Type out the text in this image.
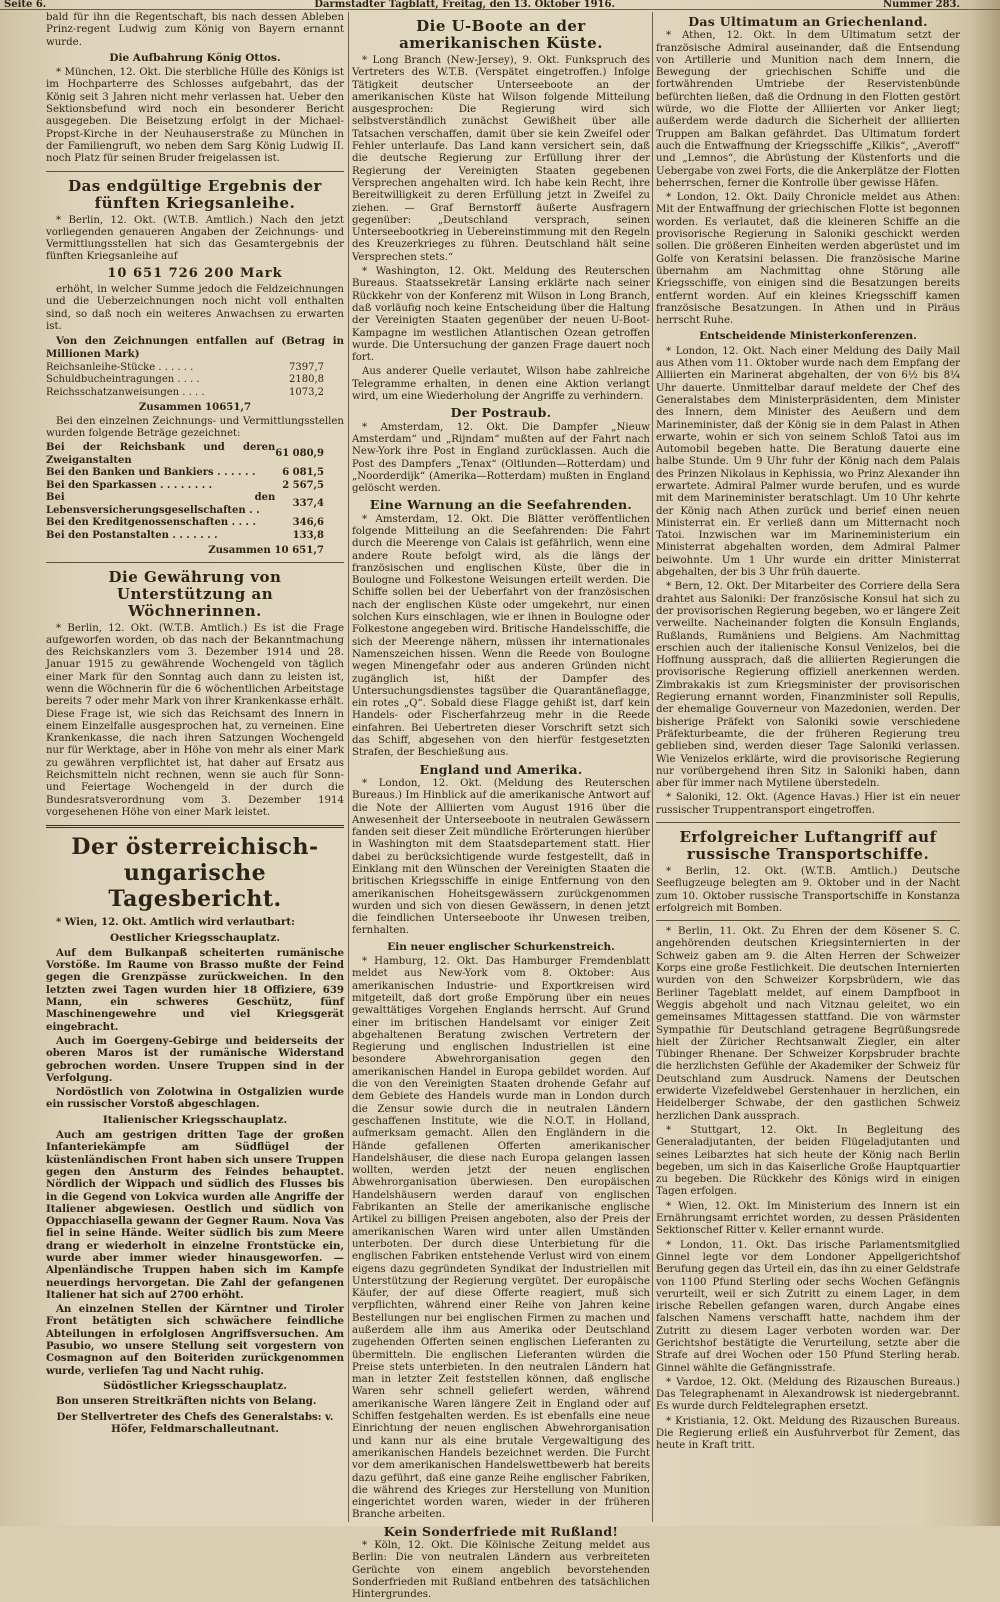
Seite 6.	Darmstädter Tagblatt, Freitag, den 13. Oktober 1916.	Nummer 283.

bald für ihn die Regentschaft, bis nach dessen Ableben Prinz-regent Ludwig zum König von Bayern ernannt wurde.

Die Aufbahrung König Ottos.

* München, 12. Okt. Die sterbliche Hülle des Königs ist im Hochparterre des Schlosses aufgebahrt, das der König seit 3 Jahren nicht mehr verlassen hat. Ueber den Sektionsbefund wird noch ein besonderer Bericht ausgegeben. Die Beisetzung erfolgt in der Michael-Propst-Kirche in der Neuhauserstraße zu München in der Familiengruft, wo neben dem Sarg König Ludwig II. noch Platz für seinen Bruder freigelassen ist.

Das endgültige Ergebnis der fünften Kriegsanleihe.

* Berlin, 12. Okt. (W.T.B. Amtlich.) Nach den jetzt vorliegenden genaueren Angaben der Zeichnungs- und Vermittlungsstellen hat sich das Gesamtergebnis der fünften Kriegsanleihe auf

10 651 726 200 Mark

erhöht, in welcher Summe jedoch die Feldzeichnungen und die Ueberzeichnungen noch nicht voll enthalten sind, so daß noch ein weiteres Anwachsen zu erwarten ist.

Von den Zeichnungen entfallen auf (Betrag in Millionen Mark)

Reichsanleihe-Stücke . . . . . .	7397,7
Schuldbucheintragungen . . . .	2180,8
Reichsschatzanweisungen . . . .	1073,2
Zusammen 10651,7

Bei den einzelnen Zeichnungs- und Vermittlungsstellen wurden folgende Beträge gezeichnet:

Bei der Reichsbank und deren Zweiganstalten	61 080,9
Bei den Banken und Bankiers . . . . . .	6 081,5
Bei den Sparkassen . . . . . . . .	2 567,5
Bei den Lebensversicherungsgesellschaften . .	337,4
Bei den Kreditgenossenschaften . . . .	346,6
Bei den Postanstalten . . . . . . .	133,8
Zusammen 10 651,7
Die Gewährung von Unterstützung an Wöchnerinnen.

* Berlin, 12. Okt. (W.T.B. Amtlich.) Es ist die Frage aufgeworfen worden, ob das nach der Bekanntmachung des Reichskanzlers vom 3. Dezember 1914 und 28. Januar 1915 zu gewährende Wochengeld von täglich einer Mark für den Sonntag auch dann zu leisten ist, wenn die Wöchnerin für die 6 wöchentlichen Arbeitstage bereits 7 oder mehr Mark von ihrer Krankenkasse erhält. Diese Frage ist, wie sich das Reichsamt des Innern in einem Einzelfalle ausgesprochen hat, zu verneinen. Eine Krankenkasse, die nach ihren Satzungen Wochengeld nur für Werktage, aber in Höhe von mehr als einer Mark zu gewähren verpflichtet ist, hat daher auf Ersatz aus Reichsmitteln nicht rechnen, wenn sie auch für Sonn- und Feiertage Wochengeld in der durch die Bundesratsverordnung vom 3. Dezember 1914 vorgesehenen Höhe von einer Mark leistet.

Der österreichisch-ungarische Tagesbericht.

* Wien, 12. Okt. Amtlich wird verlautbart:

Oestlicher Kriegsschauplatz.

Auf dem Bulkanpaß scheiterten rumänische Vorstöße. Im Raume von Brasso mußte der Feind gegen die Grenzpässe zurückweichen. In den letzten zwei Tagen wurden hier 18 Offiziere, 639 Mann, ein schweres Geschütz, fünf Maschinengewehre und viel Kriegsgerät eingebracht.

Auch im Goergeny-Gebirge und beiderseits der oberen Maros ist der rumänische Widerstand gebrochen worden. Unsere Truppen sind in der Verfolgung.

Nordöstlich von Zolotwina in Ostgalizien wurde ein russischer Vorstoß abgeschlagen.

Italienischer Kriegsschauplatz.

Auch am gestrigen dritten Tage der großen Infanteriekämpfe am Südflügel der küstenländischen Front haben sich unsere Truppen gegen den Ansturm des Feindes behauptet. Nördlich der Wippach und südlich des Flusses bis in die Gegend von Lokvica wurden alle Angriffe der Italiener abgewiesen. Oestlich und südlich von Oppacchiasella gewann der Gegner Raum. Nova Vas fiel in seine Hände. Weiter südlich bis zum Meere drang er wiederholt in einzelne Frontstücke ein, wurde aber immer wieder hinausgeworfen. — Alpenländische Truppen haben sich im Kampfe neuerdings hervorgetan. Die Zahl der gefangenen Italiener hat sich auf 2700 erhöht.

An einzelnen Stellen der Kärntner und Tiroler Front betätigten sich schwächere feindliche Abteilungen in erfolglosen Angriffsversuchen. Am Pasubio, wo unsere Stellung seit vorgestern von Cosmagnon auf den Boiteriden zurückgenommen wurde, verliefen Tag und Nacht ruhig.

Südöstlicher Kriegsschauplatz.

Bon unseren Streitkräften nichts von Belang.

Der Stellvertreter des Chefs des Generalstabs: v. Höfer, Feldmarschalleutnant.
Die U-Boote an der amerikanischen Küste.

* Long Branch (New-Jersey), 9. Okt. Funkspruch des Vertreters des W.T.B. (Verspätet eingetroffen.) Infolge Tätigkeit deutscher Unterseeboote an der amerikanischen Küste hat Wilson folgende Mitteilung ausgesprochen: Die Regierung wird sich selbstverständlich zunächst Gewißheit über alle Tatsachen verschaffen, damit über sie kein Zweifel oder Fehler unterlaufe. Das Land kann versichert sein, daß die deutsche Regierung zur Erfüllung ihrer der Regierung der Vereinigten Staaten gegebenen Versprechen angehalten wird. Ich habe kein Recht, ihre Bereitwilligkeit zu deren Erfüllung jetzt in Zweifel zu ziehen. — Graf Bernstorff äußerte Ausfragern gegenüber: „Deutschland versprach, seinen Unterseebootkrieg in Uebereinstimmung mit den Regeln des Kreuzerkrieges zu führen. Deutschland hält seine Versprechen stets.“

* Washington, 12. Okt. Meldung des Reuterschen Bureaus. Staatssekretär Lansing erklärte nach seiner Rückkehr von der Konferenz mit Wilson in Long Branch, daß vorläufig noch keine Entscheidung über die Haltung der Vereinigten Staaten gegenüber der neuen U-Boot-Kampagne im westlichen Atlantischen Ozean getroffen wurde. Die Untersuchung der ganzen Frage dauert noch fort.

Aus anderer Quelle verlautet, Wilson habe zahlreiche Telegramme erhalten, in denen eine Aktion verlangt wird, um eine Wiederholung der Angriffe zu verhindern.

Der Postraub.

* Amsterdam, 12. Okt. Die Dampfer „Nieuw Amsterdam“ und „Rijndam“ mußten auf der Fahrt nach New-York ihre Post in England zurücklassen. Auch die Post des Dampfers „Tenax“ (Oltlunden—Rotterdam) und „Noorderdijk“ (Amerika—Rotterdam) mußten in England gelöscht werden.

Eine Warnung an die Seefahrenden.

* Amsterdam, 12. Okt. Die Blätter veröffentlichen folgende Mitteilung an die Seefahrenden: Die Fahrt durch die Meerenge von Calais ist gefährlich, wenn eine andere Route befolgt wird, als die längs der französischen und englischen Küste, über die in Boulogne und Folkestone Weisungen erteilt werden. Die Schiffe sollen bei der Ueberfahrt von der französischen nach der englischen Küste oder umgekehrt, nur einen solchen Kurs einschlagen, wie er ihnen in Boulogne oder Folkestone angegeben wird. Britische Handelsschiffe, die sich der Meerenge nähern, müssen ihr internationales Namenszeichen hissen. Wenn die Reede von Boulogne wegen Minengefahr oder aus anderen Gründen nicht zugänglich ist, hißt der Dampfer des Untersuchungsdienstes tagsüber die Quarantäneflagge, ein rotes „Q“. Sobald diese Flagge gehißt ist, darf kein Handels- oder Fischerfahrzeug mehr in die Reede einfahren. Bei Uebertreten dieser Vorschrift setzt sich das Schiff, abgesehen von den hierfür festgesetzten Strafen, der Beschießung aus.

England und Amerika.

* London, 12. Okt. (Meldung des Reuterschen Bureaus.) Im Hinblick auf die amerikanische Antwort auf die Note der Alliierten vom August 1916 über die Anwesenheit der Unterseeboote in neutralen Gewässern fanden seit dieser Zeit mündliche Erörterungen hierüber in Washington mit dem Staatsdepartement statt. Hier dabei zu berücksichtigende wurde festgestellt, daß in Einklang mit den Wünschen der Vereinigten Staaten die britischen Kriegsschiffe in einige Entfernung von den amerikanischen Hoheitsgewässern zurückgenommen wurden und sich von diesen Gewässern, in denen jetzt die feindlichen Unterseeboote ihr Unwesen treiben, fernhalten.

Ein neuer englischer Schurkenstreich.

* Hamburg, 12. Okt. Das Hamburger Fremdenblatt meldet aus New-York vom 8. Oktober: Aus amerikanischen Industrie- und Exportkreisen wird mitgeteilt, daß dort große Empörung über ein neues gewalttätiges Vorgehen Englands herrscht. Auf Grund einer im britischen Handelsamt vor einiger Zeit abgehaltenen Beratung zwischen Vertretern der Regierung und englischen Industriellen ist eine besondere Abwehrorganisation gegen den amerikanischen Handel in Europa gebildet worden. Auf die von den Vereinigten Staaten drohende Gefahr auf dem Gebiete des Handels wurde man in London durch die Zensur sowie durch die in neutralen Ländern geschaffenen Institute, wie die N.O.T. in Holland, aufmerksam gemacht. Allen den Engländern in die Hände gefallenen Offerten amerikanischer Handelshäuser, die diese nach Europa gelangen lassen wollten, werden jetzt der neuen englischen Abwehrorganisation überwiesen. Den europäischen Handelshäusern werden darauf von englischen Fabrikanten an Stelle der amerikanische englische Artikel zu billigen Preisen angeboten, also der Preis der amerikanischen Waren wird unter allen Umständen unterboten. Der durch diese Unterbietung für die englischen Fabriken entstehende Verlust wird von einem eigens dazu gegründeten Syndikat der Industriellen mit Unterstützung der Regierung vergütet. Der europäische Käufer, der auf diese Offerte reagiert, muß sich verpflichten, während einer Reihe von Jahren keine Bestellungen nur bei englischen Firmen zu machen und außerdem alle ihm aus Amerika oder Deutschland zugehenden Offerten seinen englischen Lieferanten zu übermitteln. Die englischen Lieferanten würden die Preise stets unterbieten. In den neutralen Ländern hat man in letzter Zeit feststellen können, daß englische Waren sehr schnell geliefert werden, während amerikanische Waren längere Zeit in England oder auf Schiffen festgehalten werden. Es ist ebenfalls eine neue Einrichtung der neuen englischen Abwehrorganisation und kann nur als eine brutale Vergewaltigung des amerikanischen Handels bezeichnet werden. Die Furcht vor dem amerikanischen Handelswettbewerb hat bereits dazu geführt, daß eine ganze Reihe englischer Fabriken, die während des Krieges zur Herstellung von Munition eingerichtet worden waren, wieder in der früheren Branche arbeiten.

Kein Sonderfriede mit Rußland!

* Köln, 12. Okt. Die Kölnische Zeitung meldet aus Berlin: Die von neutralen Ländern aus verbreiteten Gerüchte von einem angeblich bevorstehenden Sonderfrieden mit Rußland entbehren des tatsächlichen Hintergrundes.

Das Ultimatum an Griechenland.

* Athen, 12. Okt. In dem Ultimatum setzt der französische Admiral auseinander, daß die Entsendung von Artillerie und Munition nach dem Innern, die Bewegung der griechischen Schiffe und die fortwährenden Umtriebe der Reservistenbünde befürchten ließen, daß die Ordnung in den Flotten gestört würde, wo die Flotte der Alliierten vor Anker liegt; außerdem werde dadurch die Sicherheit der alliierten Truppen am Balkan gefährdet. Das Ultimatum fordert auch die Entwaffnung der Kriegsschiffe „Kilkis“, „Averoff“ und „Lemnos“, die Abrüstung der Küstenforts und die Uebergabe von zwei Forts, die die Ankerplätze der Flotten beherrschen, ferner die Kontrolle über gewisse Häfen.

* London, 12. Okt. Daily Chronicle meldet aus Athen: Mit der Entwaffnung der griechischen Flotte ist begonnen worden. Es verlautet, daß die kleineren Schiffe an die provisorische Regierung in Saloniki geschickt werden sollen. Die größeren Einheiten werden abgerüstet und im Golfe von Keratsini belassen. Die französische Marine übernahm am Nachmittag ohne Störung alle Kriegsschiffe, von einigen sind die Besatzungen bereits entfernt worden. Auf ein kleines Kriegsschiff kamen französische Besatzungen. In Athen und in Piräus herrscht Ruhe.

Entscheidende Ministerkonferenzen.

* London, 12. Okt. Nach einer Meldung des Daily Mail aus Athen vom 11. Oktober wurde nach dem Empfang der Alliierten ein Marinerat abgehalten, der von 6½ bis 8¼ Uhr dauerte. Unmittelbar darauf meldete der Chef des Generalstabes dem Ministerpräsidenten, dem Minister des Innern, dem Minister des Aeußern und dem Marineminister, daß der König sie in dem Palast in Athen erwarte, wohin er sich von seinem Schloß Tatoi aus im Automobil begeben hatte. Die Beratung dauerte eine halbe Stunde. Um 9 Uhr fuhr der König nach dem Palais des Prinzen Nikolaus in Kephissia, wo Prinz Alexander ihn erwartete. Admiral Palmer wurde berufen, und es wurde mit dem Marineminister beratschlagt. Um 10 Uhr kehrte der König nach Athen zurück und berief einen neuen Ministerrat ein. Er verließ dann um Mitternacht noch Tatoi. Inzwischen war im Marineministerium ein Ministerrat abgehalten worden, dem Admiral Palmer beiwohnte. Um 1 Uhr wurde ein dritter Ministerrat abgehalten, der bis 3 Uhr früh dauerte.

* Bern, 12. Okt. Der Mitarbeiter des Corriere della Sera drahtet aus Saloniki: Der französische Konsul hat sich zu der provisorischen Regierung begeben, wo er längere Zeit verweilte. Nacheinander folgten die Konsuln Englands, Rußlands, Rumäniens und Belgiens. Am Nachmittag erschien auch der italienische Konsul Venizelos, bei die Hoffnung aussprach, daß die alliierten Regierungen die provisorische Regierung offiziell anerkennen werden. Zimbrakakis ist zum Kriegsminister der provisorischen Regierung ernannt worden, Finanzminister soll Repulis, der ehemalige Gouverneur von Mazedonien, werden. Der bisherige Präfekt von Saloniki sowie verschiedene Präfekturbeamte, die der früheren Regierung treu geblieben sind, werden dieser Tage Saloniki verlassen. Wie Venizelos erklärte, wird die provisorische Regierung nur vorübergehend ihren Sitz in Saloniki haben, dann aber für immer nach Mytilene überstedeln.

* Saloniki, 12. Okt. (Agence Havas.) Hier ist ein neuer russischer Truppentransport eingetroffen.

Erfolgreicher Luftangriff auf russische Transportschiffe.

* Berlin, 12. Okt. (W.T.B. Amtlich.) Deutsche Seeflugzeuge belegten am 9. Oktober und in der Nacht zum 10. Oktober russische Transportschiffe in Konstanza erfolgreich mit Bomben.

* Berlin, 11. Okt. Zu Ehren der dem Kösener S. C. angehörenden deutschen Kriegsinternierten in der Schweiz gaben am 9. die Alten Herren der Schweizer Korps eine große Festlichkeit. Die deutschen Internierten wurden von den Schweizer Korpsbrüdern, wie das Berliner Tageblatt meldet, auf einem Dampfboot in Weggis abgeholt und nach Vitznau geleitet, wo ein gemeinsames Mittagessen stattfand. Die von wärmster Sympathie für Deutschland getragene Begrüßungsrede hielt der Züricher Rechtsanwalt Ziegler, ein alter Tübinger Rhenane. Der Schweizer Korpsbruder brachte die herzlichsten Gefühle der Akademiker der Schweiz für Deutschland zum Ausdruck. Namens der Deutschen erwiderte Vizefeldwebel Gerstenhauer in herzlichen, ein Heidelberger Schwabe, der den gastlichen Schweiz herzlichen Dank aussprach.

* Stuttgart, 12. Okt. In Begleitung des Generaladjutanten, der beiden Flügeladjutanten und seines Leibarztes hat sich heute der König nach Berlin begeben, um sich in das Kaiserliche Große Hauptquartier zu begeben. Die Rückkehr des Königs wird in einigen Tagen erfolgen.

* Wien, 12. Okt. Im Ministerium des Innern ist ein Ernährungsamt errichtet worden, zu dessen Präsidenten Sektionschef Ritter v. Keller ernannt wurde.

* London, 11. Okt. Das irische Parlamentsmitglied Ginnel legte vor dem Londoner Appellgerichtshof Berufung gegen das Urteil ein, das ihn zu einer Geldstrafe von 1100 Pfund Sterling oder sechs Wochen Gefängnis verurteilt, weil er sich Zutritt zu einem Lager, in dem irische Rebellen gefangen waren, durch Angabe eines falschen Namens verschafft hatte, nachdem ihm der Zutritt zu diesem Lager verboten worden war. Der Gerichtshof bestätigte die Verurteilung, setzte aber die Strafe auf drei Wochen oder 150 Pfund Sterling herab. Ginnel wählte die Gefängnisstrafe.

* Vardoe, 12. Okt. (Meldung des Rizauschen Bureaus.) Das Telegraphenamt in Alexandrowsk ist niedergebrannt. Es wurde durch Feldtelegraphen ersetzt.

* Kristiania, 12. Okt. Meldung des Rizauschen Bureaus. Die Regierung erließ ein Ausfuhrverbot für Zement, das heute in Kraft tritt.
